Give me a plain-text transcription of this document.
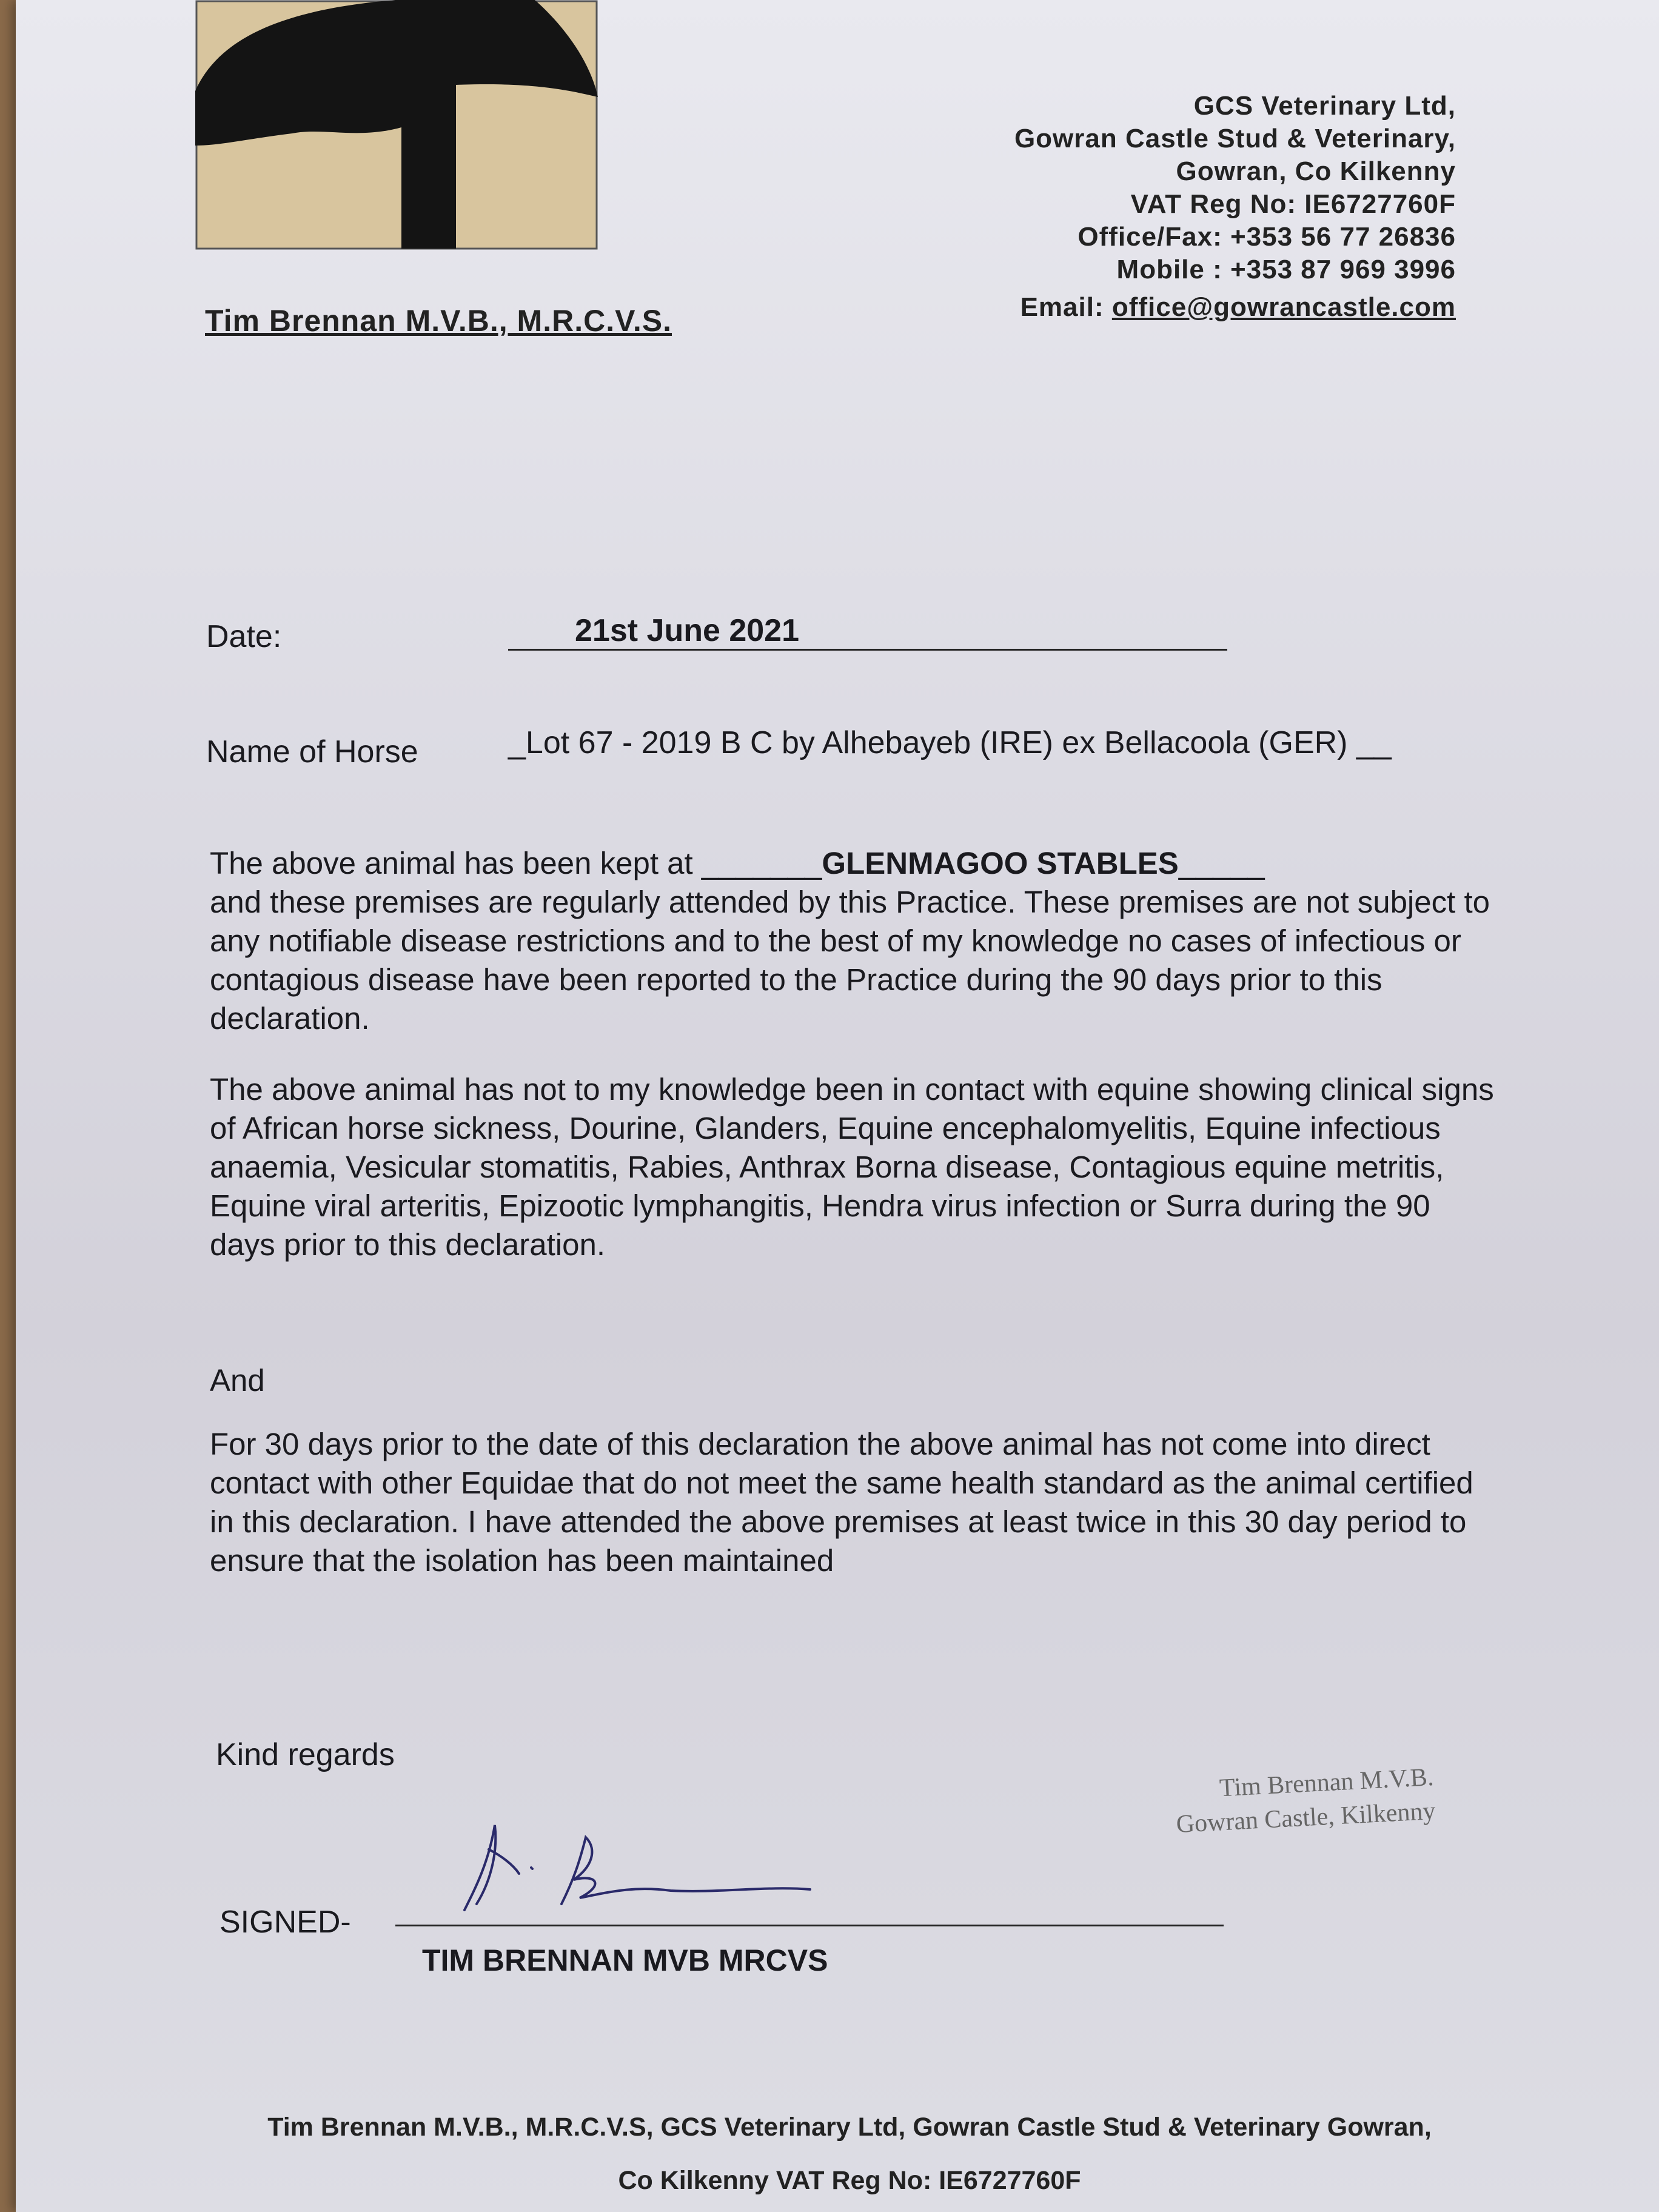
Tim Brennan M.V.B., M.R.C.V.S.
GCS Veterinary Ltd,
Gowran Castle Stud & Veterinary,
Gowran, Co Kilkenny
VAT Reg No: IE6727760F
Office/Fax: +353 56 77 26836
Mobile : +353 87 969 3996
Email: office@gowrancastle.com
Date:	21st June 2021
Name of Horse	_Lot 67 - 2019 B C by Alhebayeb (IRE) ex Bellacoola (GER) __
The above animal has been kept at _______GLENMAGOO STABLES_____
and these premises are regularly attended by this Practice. These premises are not subject to any notifiable disease restrictions and to the best of my knowledge no cases of infectious or contagious disease have been reported to the Practice during the 90 days prior to this declaration.
The above animal has not to my knowledge been in contact with equine showing clinical signs of African horse sickness, Dourine, Glanders, Equine encephalomyelitis, Equine infectious anaemia, Vesicular stomatitis, Rabies, Anthrax Borna disease, Contagious equine metritis, Equine viral arteritis, Epizootic lymphangitis, Hendra virus infection or Surra during the 90 days prior to this declaration.
And
For 30 days prior to the date of this declaration the above animal has not come into direct contact with other Equidae that do not meet the same health standard as the animal certified in this declaration. I have attended the above premises at least twice in this 30 day period to ensure that the isolation has been maintained
Kind regards
Tim Brennan M.V.B.
Gowran Castle, Kilkenny
SIGNED-
TIM BRENNAN MVB MRCVS
Tim Brennan M.V.B., M.R.C.V.S, GCS Veterinary Ltd, Gowran Castle Stud & Veterinary Gowran,
Co Kilkenny VAT Reg No: IE6727760F
